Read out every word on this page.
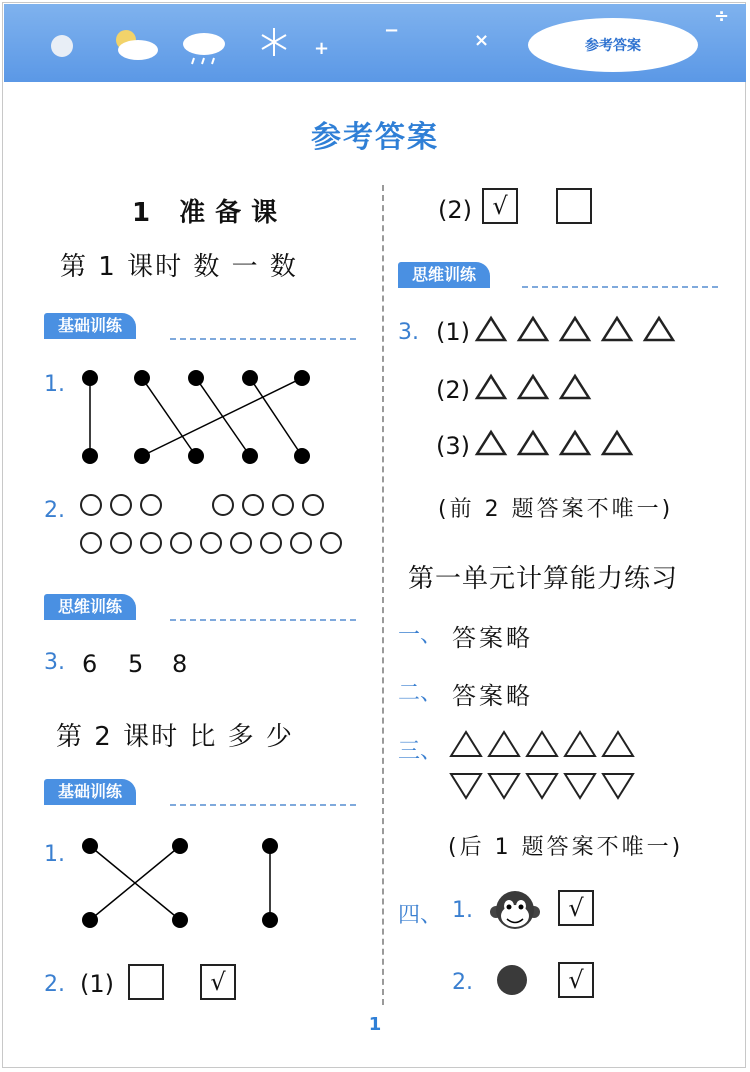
+
−	×
÷
参考答案
参考答案
1 准备课
第 1 课时 数 一 数
基础训练
1.
2.
思维训练
3. 6 5 8
第 2 课时 比 多 少
基础训练
1.
2. (1)	√
(2) √
思维训练
3. (1)
(2)
(3)
(前 2 题答案不唯一)
第一单元计算能力练习
一、 答案略
二、 答案略
三、
(后 1 题答案不唯一)
四、 1.	√
2.	√
1
